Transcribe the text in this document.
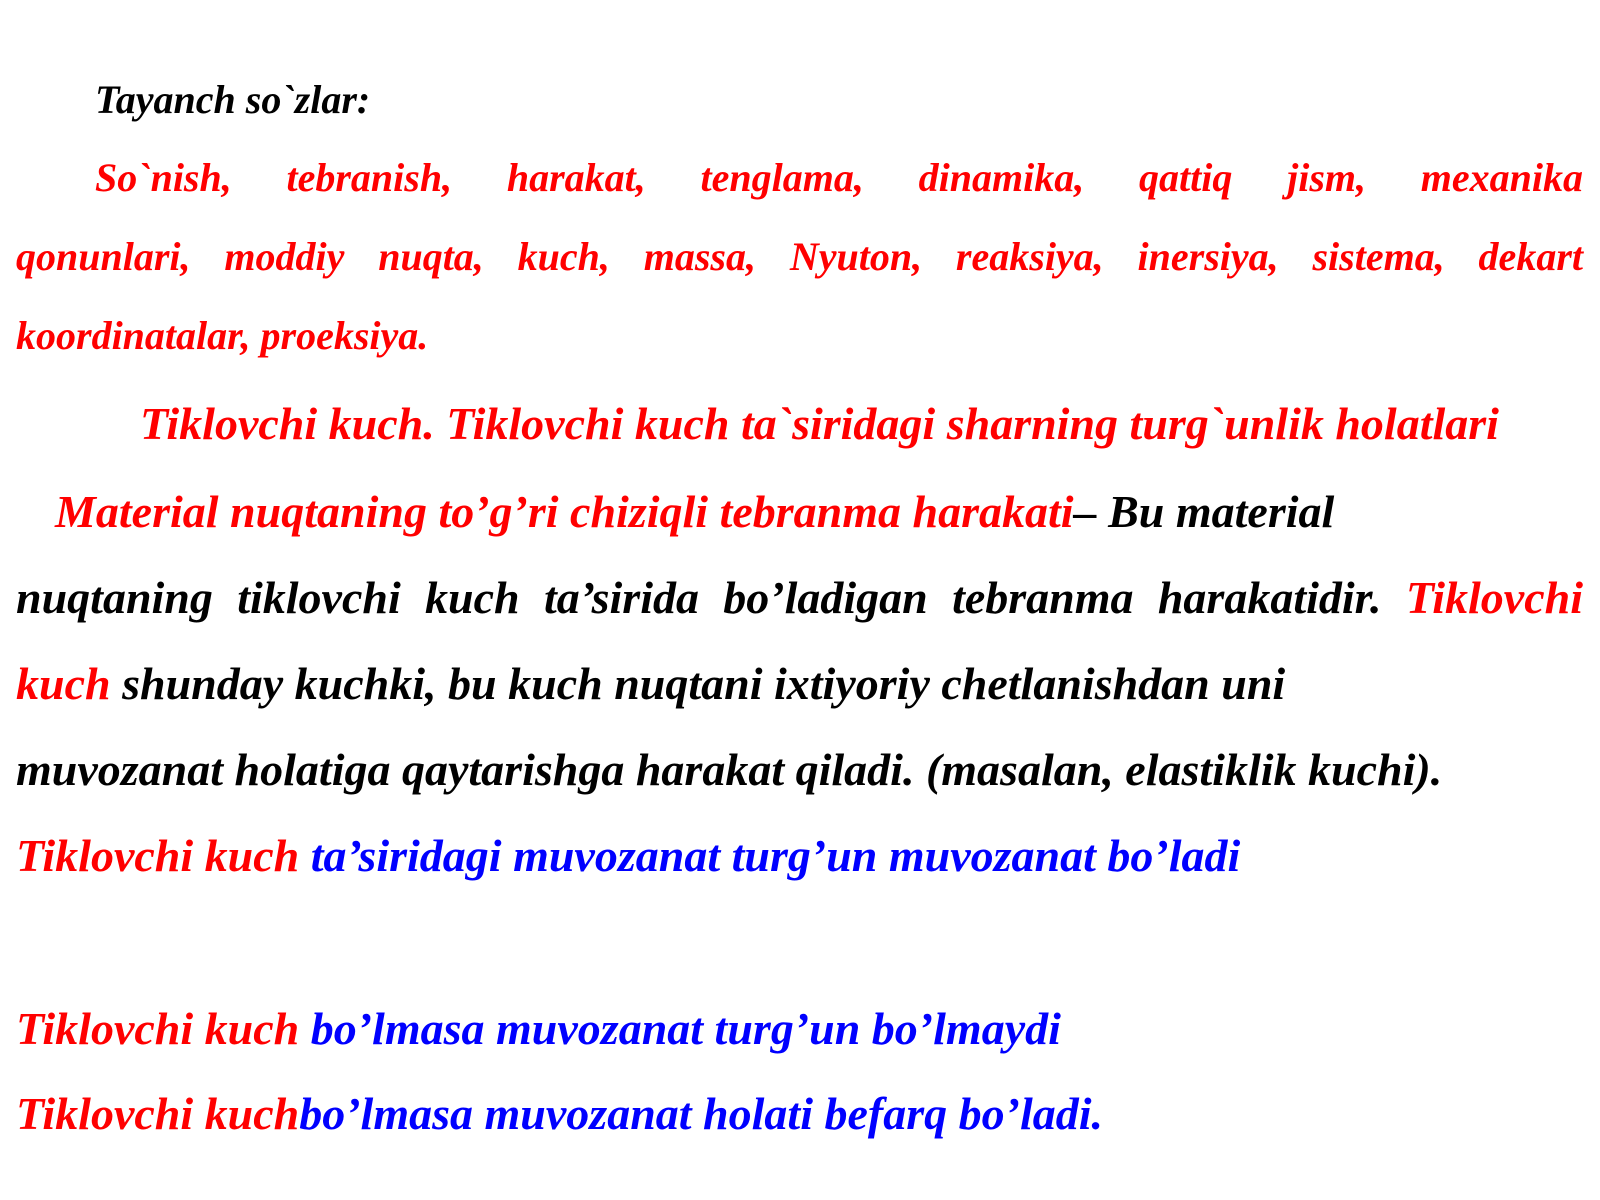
Tayanch so`zlar:
So`nish, tebranish, harakat, tenglama, dinamika, qattiq jism, mexanika
qonunlari, moddiy nuqta, kuch, massa, Nyuton, reaksiya, inersiya, sistema, dekart
koordinatalar, proeksiya.
Tiklovchi kuch. Tiklovchi kuch ta`siridagi sharning turg`unlik holatlari
Material nuqtaning to’g’ri chiziqli tebranma harakati– Bu material
nuqtaning tiklovchi kuch ta’sirida bo’ladigan tebranma harakatidir. Tiklovchi
kuch shunday kuchki, bu kuch nuqtani ixtiyoriy chetlanishdan uni
muvozanat holatiga qaytarishga harakat qiladi. (masalan, elastiklik kuchi).
Tiklovchi kuch ta’siridagi muvozanat turg’un muvozanat bo’ladi
Tiklovchi kuch bo’lmasa muvozanat turg’un bo’lmaydi
Tiklovchi kuchbo’lmasa muvozanat holati befarq bo’ladi.
